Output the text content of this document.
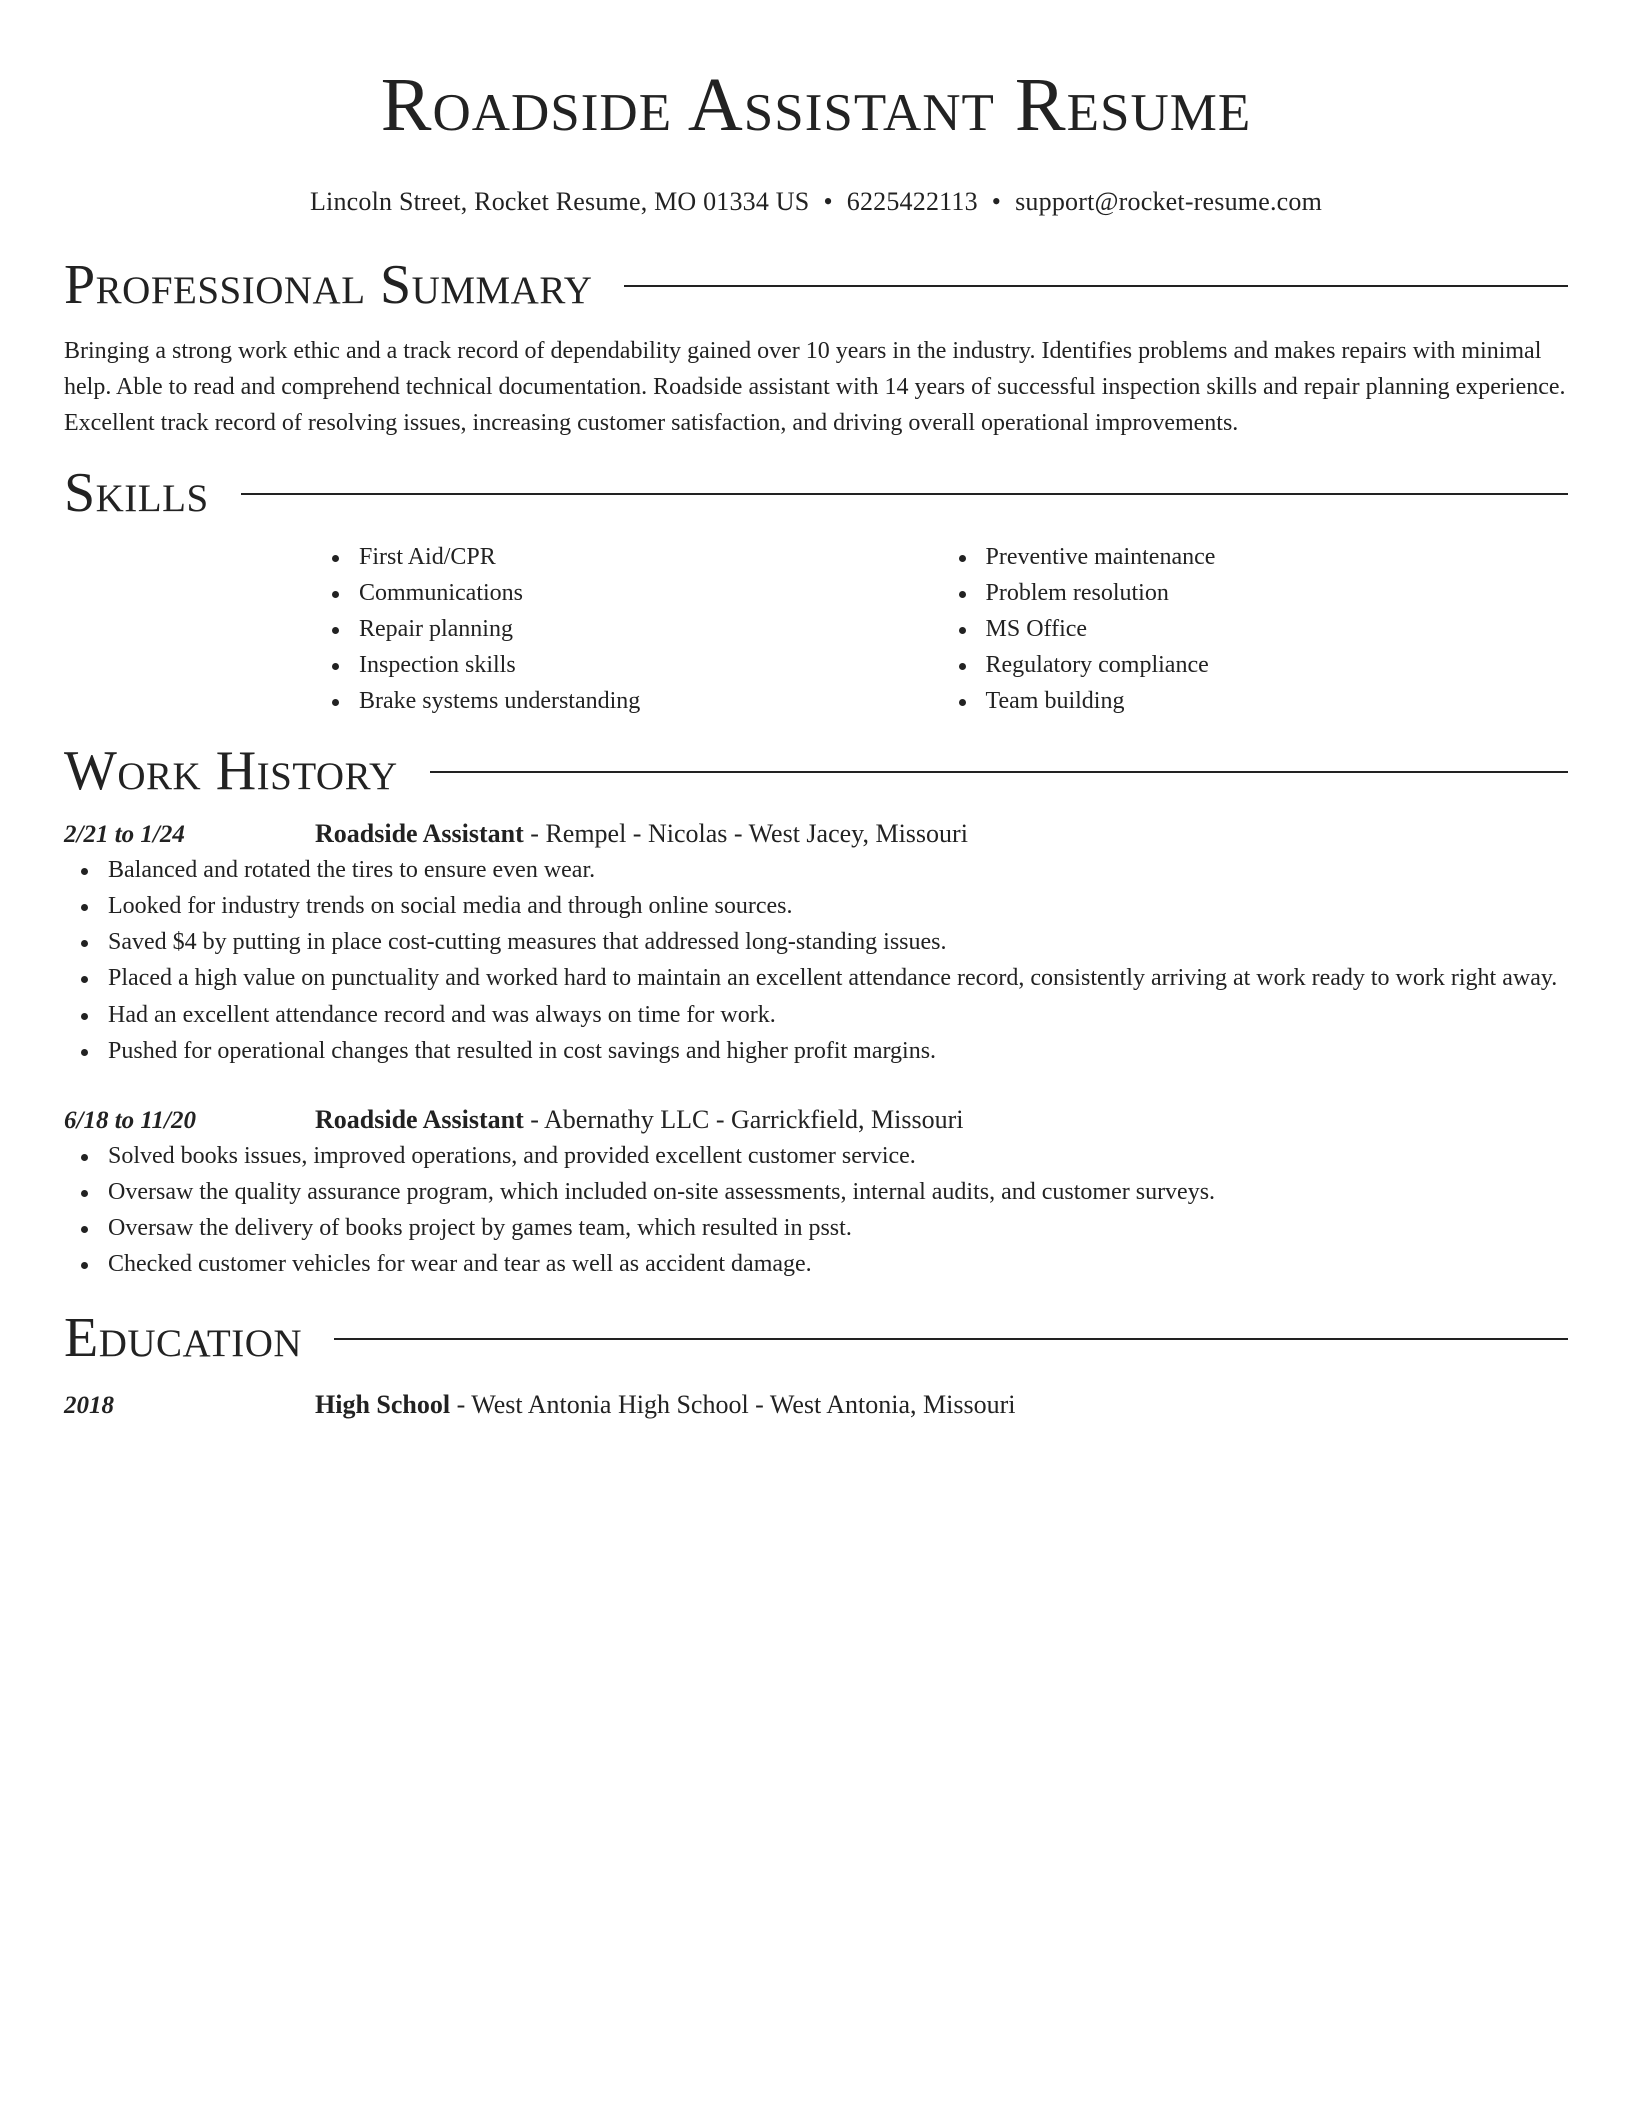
Roadside Assistant Resume
Lincoln Street, Rocket Resume, MO 01334 US • 6225422113 • support@rocket-resume.com
Professional Summary

Bringing a strong work ethic and a track record of dependability gained over 10 years in the industry. Identifies problems and makes repairs with minimal help. Able to read and comprehend technical documentation. Roadside assistant with 14 years of successful inspection skills and repair planning experience. Excellent track record of resolving issues, increasing customer satisfaction, and driving overall operational improvements.

Skills
First Aid/CPR
Communications
Repair planning
Inspection skills
Brake systems understanding
Preventive maintenance
Problem resolution
MS Office
Regulatory compliance
Team building
Work History
2/21 to 1/24	Roadside Assistant - Rempel - Nicolas - West Jacey, Missouri
Balanced and rotated the tires to ensure even wear.
Looked for industry trends on social media and through online sources.
Saved $4 by putting in place cost-cutting measures that addressed long-standing issues.
Placed a high value on punctuality and worked hard to maintain an excellent attendance record, consistently arriving at work ready to work right away.
Had an excellent attendance record and was always on time for work.
Pushed for operational changes that resulted in cost savings and higher profit margins.
6/18 to 11/20	Roadside Assistant - Abernathy LLC - Garrickfield, Missouri
Solved books issues, improved operations, and provided excellent customer service.
Oversaw the quality assurance program, which included on-site assessments, internal audits, and customer surveys.
Oversaw the delivery of books project by games team, which resulted in psst.
Checked customer vehicles for wear and tear as well as accident damage.
Education
2018	High School - West Antonia High School - West Antonia, Missouri
